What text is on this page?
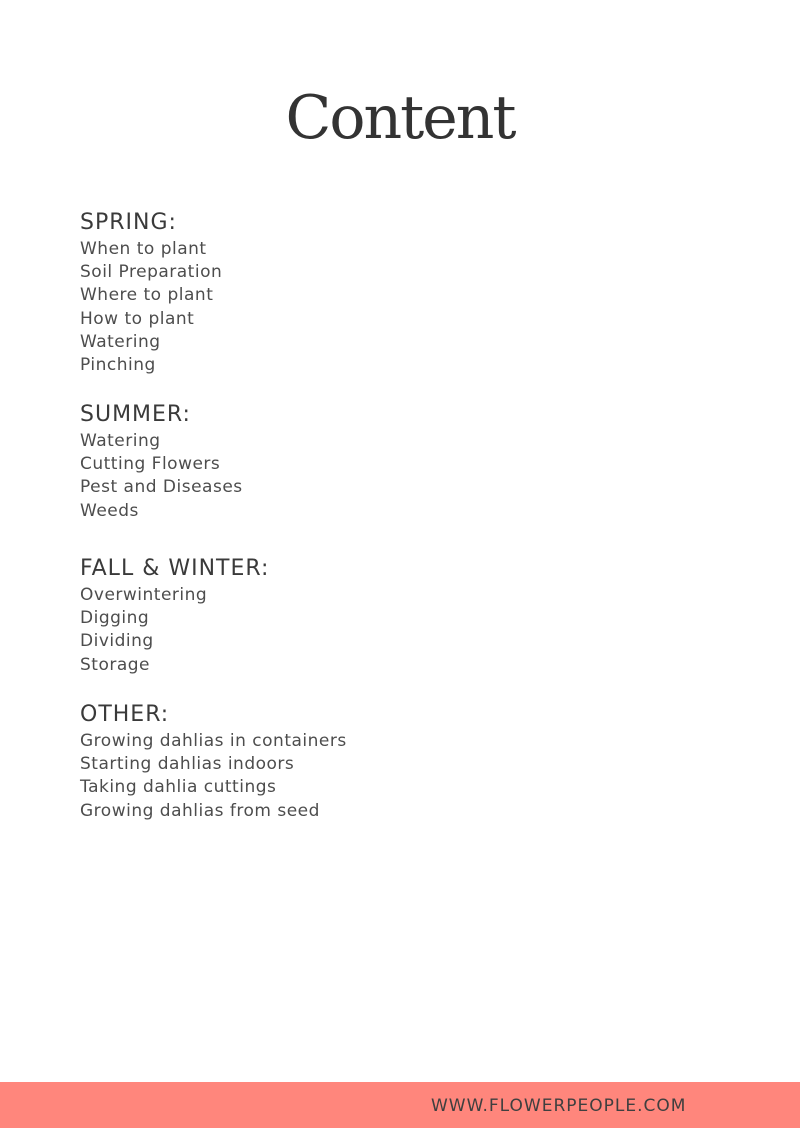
Content
SPRING:
When to plant
Soil Preparation
Where to plant
How to plant
Watering
Pinching
SUMMER:
Watering
Cutting Flowers
Pest and Diseases
Weeds
FALL & WINTER:
Overwintering
Digging
Dividing
Storage
OTHER:
Growing dahlias in containers
Starting dahlias indoors
Taking dahlia cuttings
Growing dahlias from seed
WWW.FLOWERPEOPLE.COM
